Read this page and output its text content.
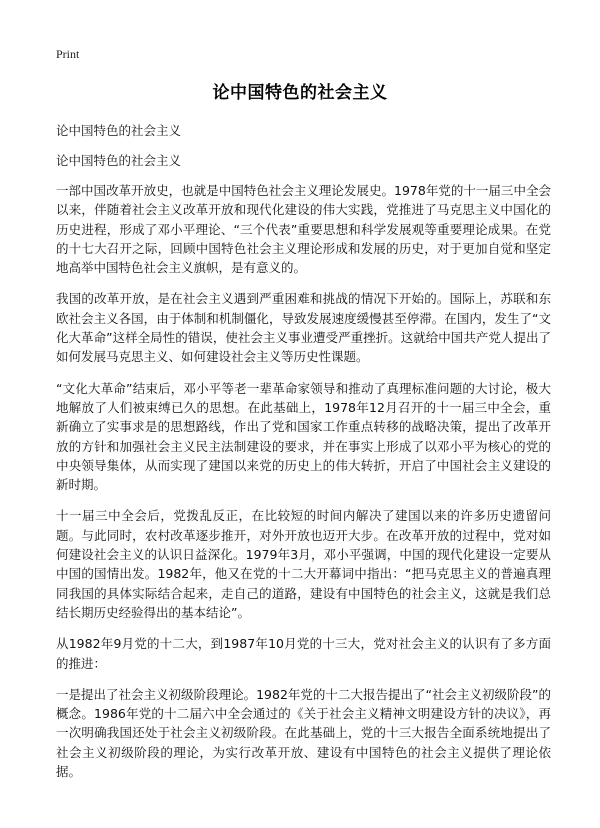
Print
论中国特色的社会主义

论中国特色的社会主义

论中国特色的社会主义

一部中国改革开放史，也就是中国特色社会主义理论发展史。1978年党的十一届三中全会以来，伴随着社会主义改革开放和现代化建设的伟大实践，党推进了马克思主义中国化的历史进程，形成了邓小平理论、“三个代表”重要思想和科学发展观等重要理论成果。在党的十七大召开之际，回顾中国特色社会主义理论形成和发展的历史，对于更加自觉和坚定地高举中国特色社会主义旗帜，是有意义的。

我国的改革开放，是在社会主义遇到严重困难和挑战的情况下开始的。国际上，苏联和东欧社会主义各国，由于体制和机制僵化，导致发展速度缓慢甚至停滞。在国内，发生了“文化大革命”这样全局性的错误，使社会主义事业遭受严重挫折。这就给中国共产党人提出了如何发展马克思主义、如何建设社会主义等历史性课题。

“文化大革命”结束后，邓小平等老一辈革命家领导和推动了真理标准问题的大讨论，极大地解放了人们被束缚已久的思想。在此基础上，1978年12月召开的十一届三中全会，重新确立了实事求是的思想路线，作出了党和国家工作重点转移的战略决策，提出了改革开放的方针和加强社会主义民主法制建设的要求，并在事实上形成了以邓小平为核心的党的中央领导集体，从而实现了建国以来党的历史上的伟大转折，开启了中国社会主义建设的新时期。

十一届三中全会后，党拨乱反正，在比较短的时间内解决了建国以来的许多历史遗留问题。与此同时，农村改革逐步推开，对外开放也迈开大步。在改革开放的过程中，党对如何建设社会主义的认识日益深化。1979年3月，邓小平强调，中国的现代化建设一定要从中国的国情出发。1982年，他又在党的十二大开幕词中指出：“把马克思主义的普遍真理同我国的具体实际结合起来，走自己的道路，建设有中国特色的社会主义，这就是我们总结长期历史经验得出的基本结论”。

从1982年9月党的十二大，到1987年10月党的十三大，党对社会主义的认识有了多方面的推进：

一是提出了社会主义初级阶段理论。1982年党的十二大报告提出了“社会主义初级阶段”的概念。1986年党的十二届六中全会通过的《关于社会主义精神文明建设方针的决议》，再一次明确我国还处于社会主义初级阶段。在此基础上，党的十三大报告全面系统地提出了社会主义初级阶段的理论，为实行改革开放、建设有中国特色的社会主义提供了理论依据。
